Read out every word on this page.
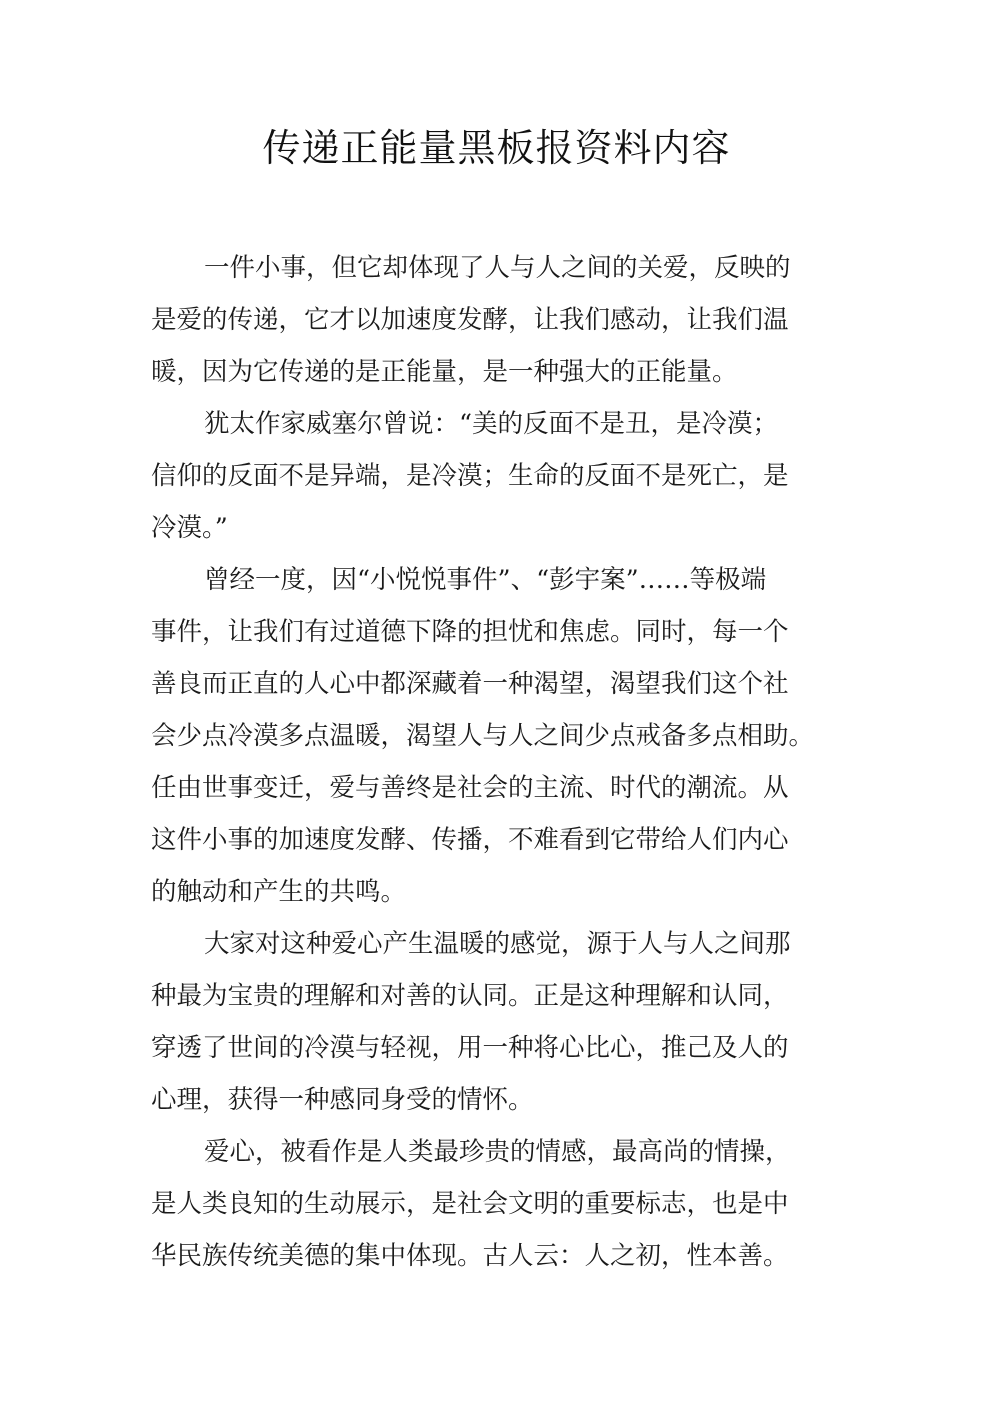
传递正能量黑板报资料内容

一件小事，但它却体现了人与人之间的关爱，反映的

是爱的传递，它才以加速度发酵，让我们感动，让我们温

暖，因为它传递的是正能量，是一种强大的正能量。

犹太作家威塞尔曾说：“美的反面不是丑，是冷漠；

信仰的反面不是异端，是冷漠；生命的反面不是死亡，是

冷漠。”

曾经一度，因“小悦悦事件”、“彭宇案”……等极端

事件，让我们有过道德下降的担忧和焦虑。同时，每一个

善良而正直的人心中都深藏着一种渴望，渴望我们这个社

会少点冷漠多点温暖，渴望人与人之间少点戒备多点相助。

任由世事变迁，爱与善终是社会的主流、时代的潮流。从

这件小事的加速度发酵、传播，不难看到它带给人们内心

的触动和产生的共鸣。

大家对这种爱心产生温暖的感觉，源于人与人之间那

种最为宝贵的理解和对善的认同。正是这种理解和认同，

穿透了世间的冷漠与轻视，用一种将心比心，推己及人的

心理，获得一种感同身受的情怀。

爱心，被看作是人类最珍贵的情感，最高尚的情操，

是人类良知的生动展示，是社会文明的重要标志，也是中

华民族传统美德的集中体现。古人云：人之初，性本善。
